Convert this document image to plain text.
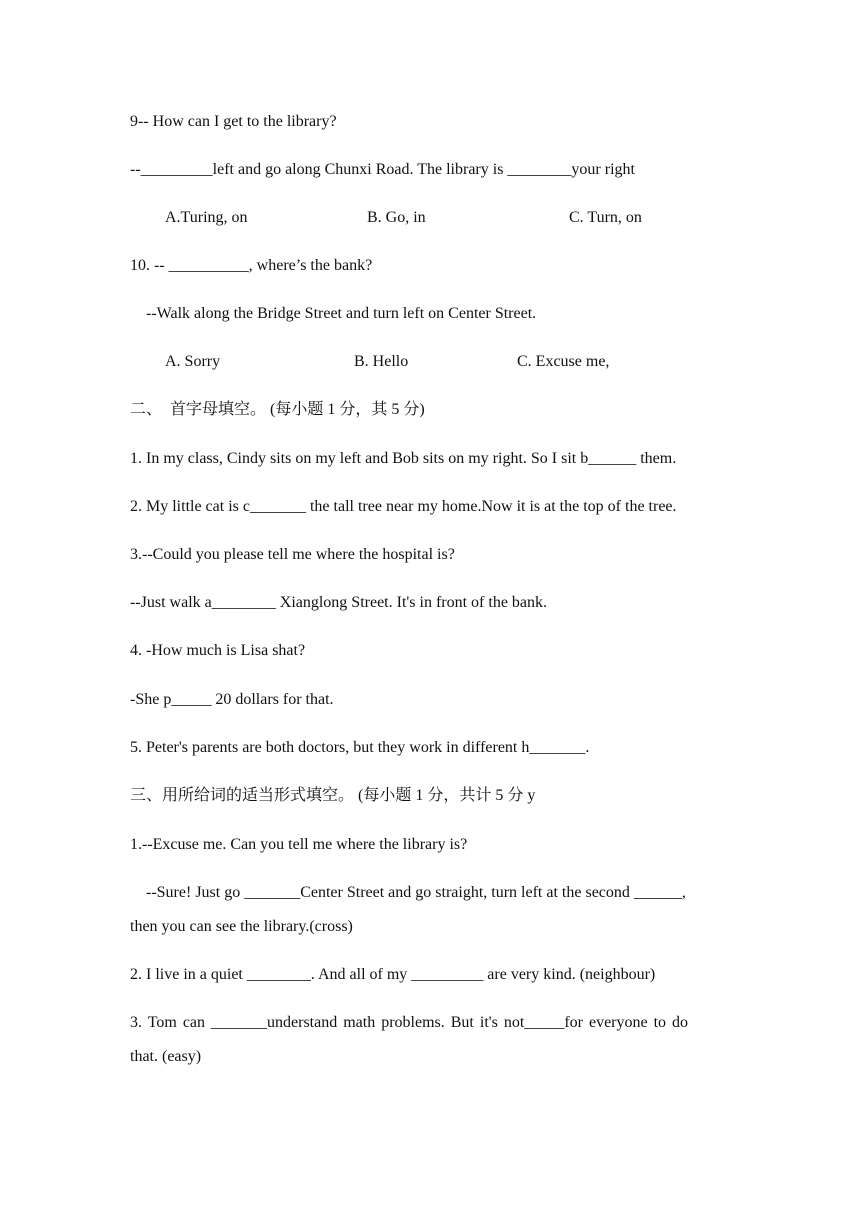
9-- How can I get to the library?
--_________left and go along Chunxi Road. The library is ________your right
A.Turing, on	B. Go, in	C. Turn, on
10. -- __________, where’s the bank?
--Walk along the Bridge Street and turn left on Center Street.
A. Sorry	B. Hello	C. Excuse me,
二、  首字母填空。 (每小题 1 分，其 5 分)
1. In my class, Cindy sits on my left and Bob sits on my right. So I sit b______ them.
2. My little cat is c_______ the tall tree near my home.Now it is at the top of the tree.
3.--Could you please tell me where the hospital is?
--Just walk a________ Xianglong Street. It's in front of the bank.
4. -How much is Lisa shat?
-She p_____ 20 dollars for that.
5. Peter's parents are both doctors, but they work in different h_______.
三、用所给词的适当形式填空。 (每小题 1 分，共计 5 分 y
1.--Excuse me. Can you tell me where the library is?
--Sure! Just go _______Center Street and go straight, turn left at the second ______,
then you can see the library.(cross)
2. I live in a quiet ________. And all of my _________ are very kind. (neighbour)
3. Tom can _______understand math problems. But it's not_____for everyone to do
that. (easy)
